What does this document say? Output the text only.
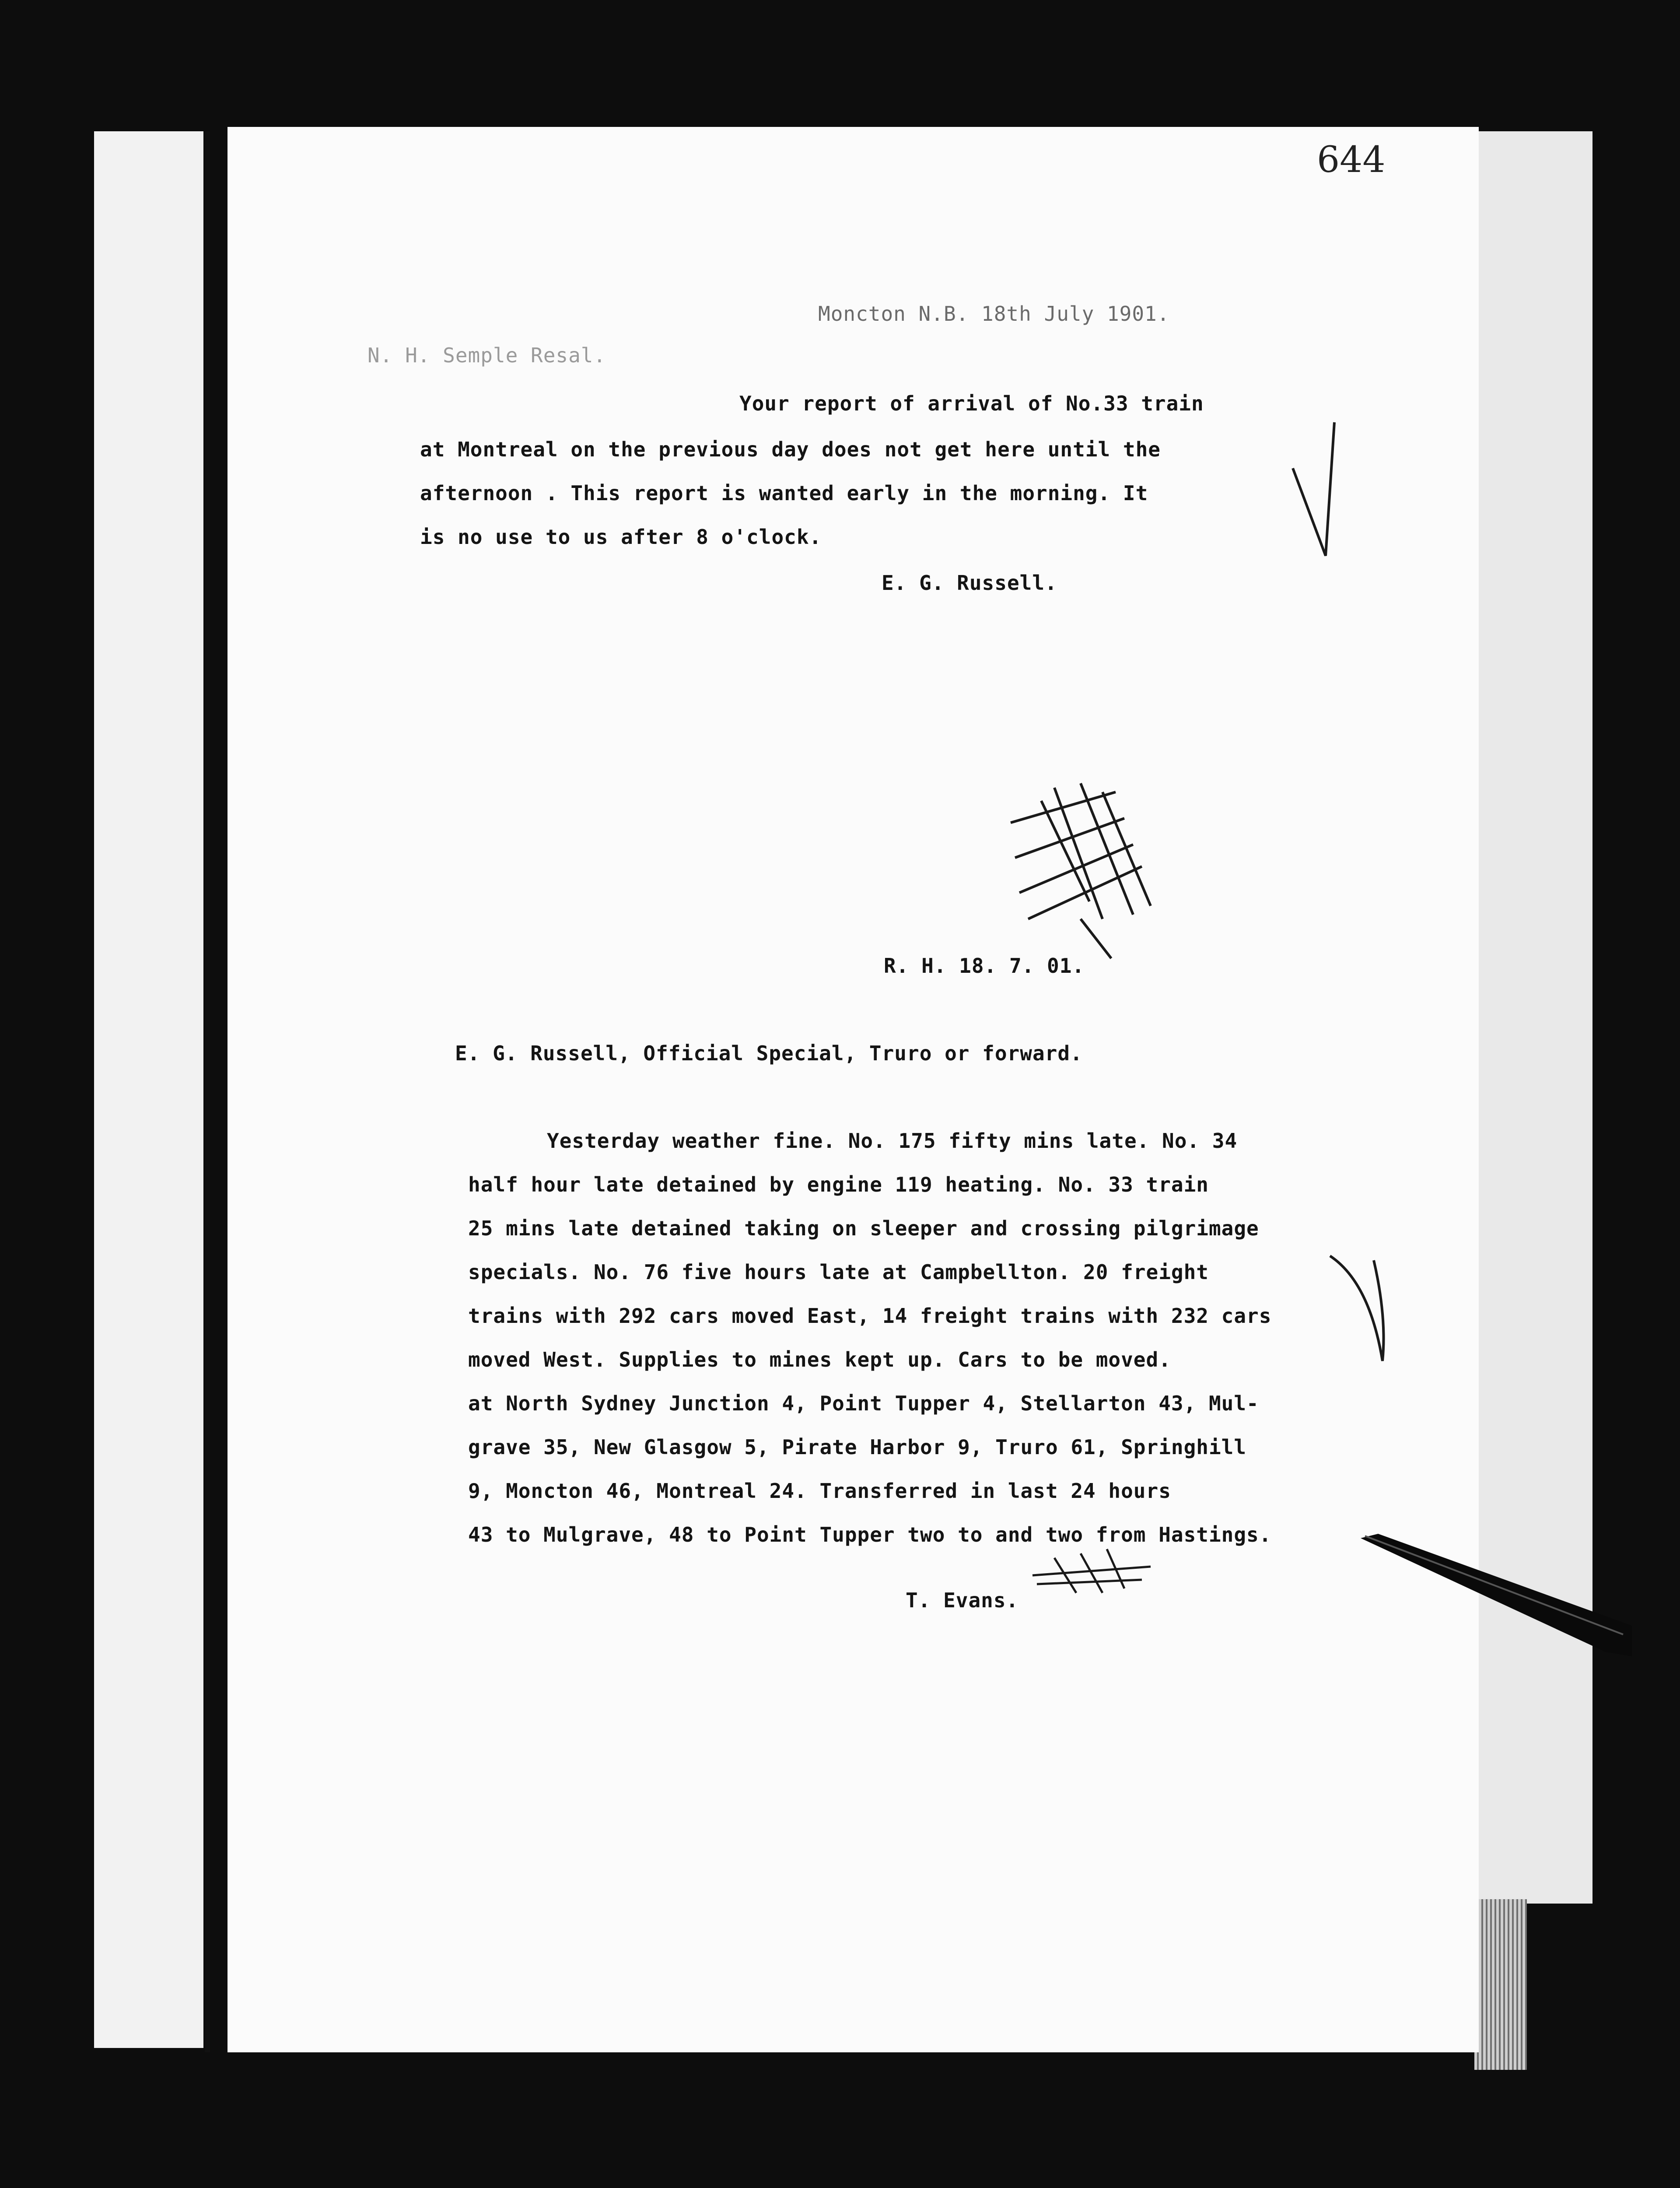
644
Moncton N.B. 18th July 1901.
N. H. Semple Resal.
Your report of arrival of No.33 train
at Montreal on the previous day does not get here until the
afternoon . This report is wanted early in the morning. It
is no use to us after 8 o'clock.
E. G. Russell.
R. H. 18. 7. 01.
E. G. Russell, Official Special, Truro or forward.
Yesterday weather fine. No. 175 fifty mins late. No. 34
half hour late detained by engine 119 heating. No. 33 train
25 mins late detained taking on sleeper and crossing pilgrimage
specials. No. 76 five hours late at Campbellton. 20 freight
trains with 292 cars moved East, 14 freight trains with 232 cars
moved West. Supplies to mines kept up. Cars to be moved.
at North Sydney Junction 4, Point Tupper 4, Stellarton 43, Mul-
grave 35, New Glasgow 5, Pirate Harbor 9, Truro 61, Springhill
9, Moncton 46, Montreal 24. Transferred in last 24 hours
43 to Mulgrave, 48 to Point Tupper two to and two from Hastings.
T. Evans.
